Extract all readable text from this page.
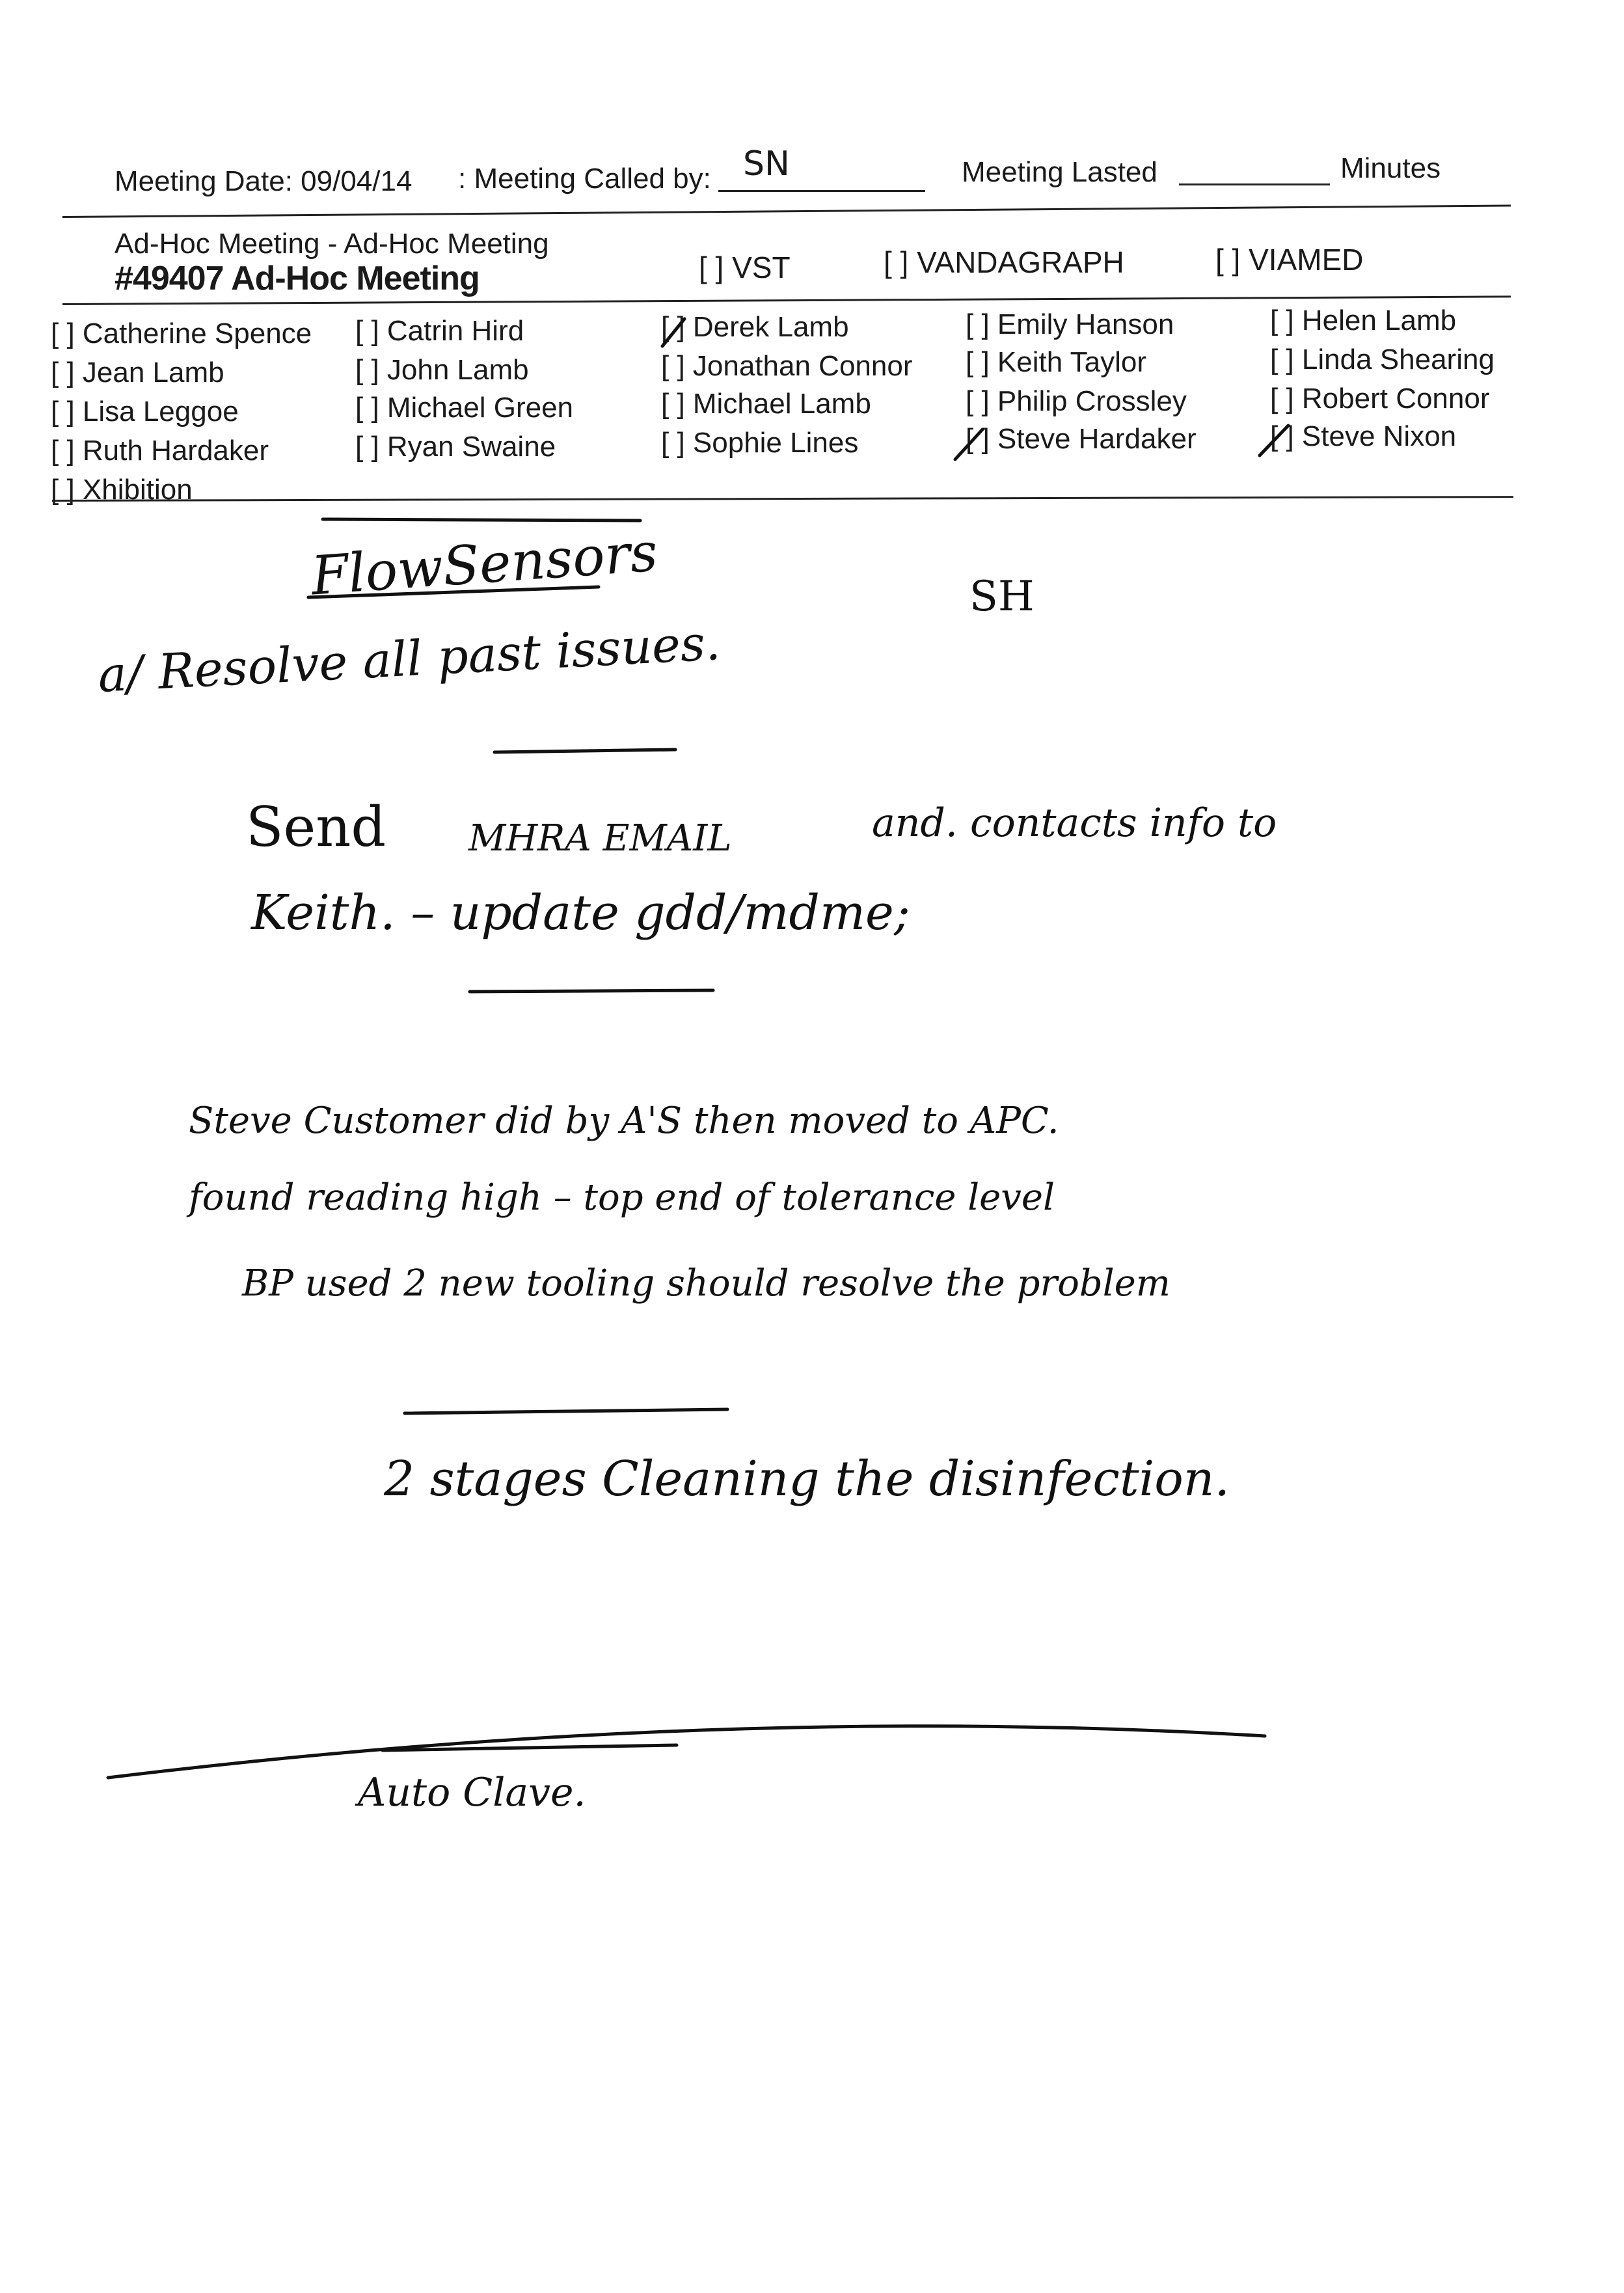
Meeting Date: 09/04/14 : Meeting Called by: SN	Meeting Lasted	Minutes
Ad-Hoc Meeting - Ad-Hoc Meeting
#49407 Ad-Hoc Meeting	[ ] VST	[ ] VANDAGRAPH	[ ] VIAMED
[ ] Catherine Spence
[ ] Jean Lamb
[ ] Lisa Leggoe
[ ] Ruth Hardaker
[ ] Xhibition
[ ] Catrin Hird
[ ] John Lamb
[ ] Michael Green
[ ] Ryan Swaine
[ ] Derek Lamb
[ ] Jonathan Connor
[ ] Michael Lamb
[ ] Sophie Lines
[ ] Emily Hanson
[ ] Keith Taylor
[ ] Philip Crossley
[ ] Steve Hardaker
[ ] Helen Lamb
[ ] Linda Shearing
[ ] Robert Connor
[ ] Steve Nixon
FlowSensors	SH
a/ Resolve all past issues.
Send MHRA EMAIL	and. contacts info to
Keith. – update gdd/mdme;
Steve Customer did by A'S then moved to APC.
found reading high – top end of tolerance level
BP used 2 new tooling should resolve the problem
2 stages Cleaning the disinfection.
Auto Clave.
